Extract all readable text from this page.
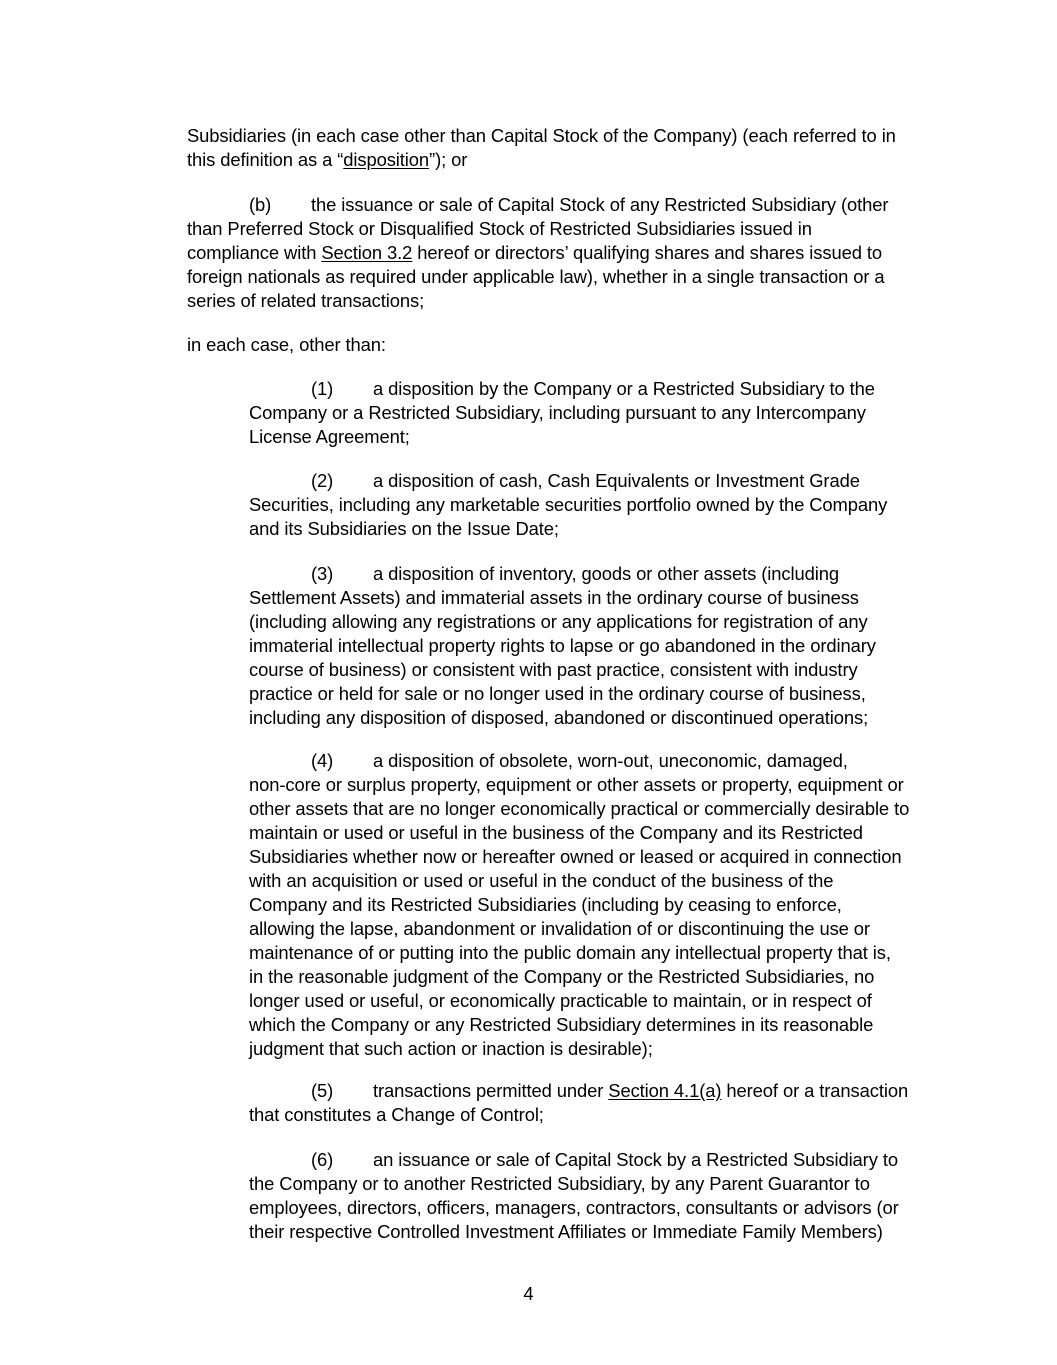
Subsidiaries (in each case other than Capital Stock of the Company) (each referred to in
this definition as a “disposition”); or

(b) the issuance or sale of Capital Stock of any Restricted Subsidiary (other
than Preferred Stock or Disqualified Stock of Restricted Subsidiaries issued in
compliance with Section 3.2 hereof or directors’ qualifying shares and shares issued to
foreign nationals as required under applicable law), whether in a single transaction or a
series of related transactions;

in each case, other than:

(1) a disposition by the Company or a Restricted Subsidiary to the
Company or a Restricted Subsidiary, including pursuant to any Intercompany
License Agreement;

(2) a disposition of cash, Cash Equivalents or Investment Grade
Securities, including any marketable securities portfolio owned by the Company
and its Subsidiaries on the Issue Date;

(3) a disposition of inventory, goods or other assets (including
Settlement Assets) and immaterial assets in the ordinary course of business
(including allowing any registrations or any applications for registration of any
immaterial intellectual property rights to lapse or go abandoned in the ordinary
course of business) or consistent with past practice, consistent with industry
practice or held for sale or no longer used in the ordinary course of business,
including any disposition of disposed, abandoned or discontinued operations;

(4) a disposition of obsolete, worn-out, uneconomic, damaged,
non-core or surplus property, equipment or other assets or property, equipment or
other assets that are no longer economically practical or commercially desirable to
maintain or used or useful in the business of the Company and its Restricted
Subsidiaries whether now or hereafter owned or leased or acquired in connection
with an acquisition or used or useful in the conduct of the business of the
Company and its Restricted Subsidiaries (including by ceasing to enforce,
allowing the lapse, abandonment or invalidation of or discontinuing the use or
maintenance of or putting into the public domain any intellectual property that is,
in the reasonable judgment of the Company or the Restricted Subsidiaries, no
longer used or useful, or economically practicable to maintain, or in respect of
which the Company or any Restricted Subsidiary determines in its reasonable
judgment that such action or inaction is desirable);

(5) transactions permitted under Section 4.1(a) hereof or a transaction
that constitutes a Change of Control;

(6) an issuance or sale of Capital Stock by a Restricted Subsidiary to
the Company or to another Restricted Subsidiary, by any Parent Guarantor to
employees, directors, officers, managers, contractors, consultants or advisors (or
their respective Controlled Investment Affiliates or Immediate Family Members)

4
